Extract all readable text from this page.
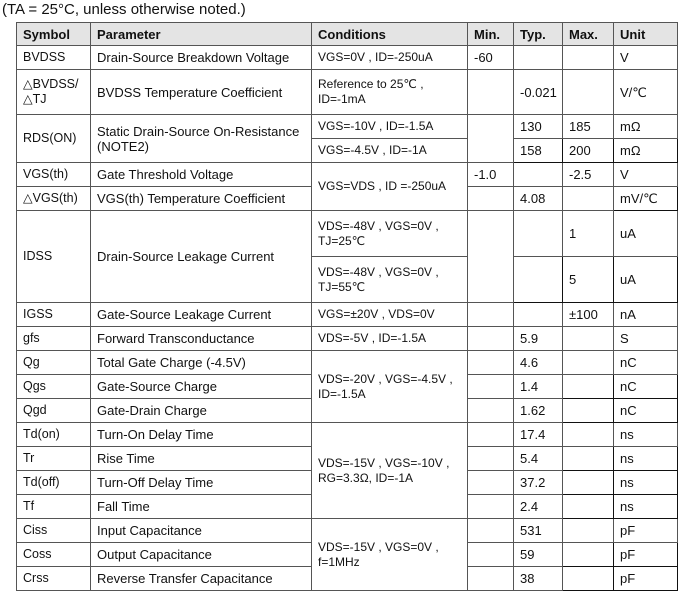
(TA = 25°C, unless otherwise noted.)
Symbol	Parameter	Conditions	Min.	Typ.	Max.	Unit
BVDSS	Drain-Source Breakdown Voltage	VGS=0V , ID=-250uA	-60			V
△BVDSS/△TJ	BVDSS Temperature Coefficient	Reference to 25℃ , ID=-1mA		-0.021		V/℃
RDS(ON)	Static Drain-Source On-Resistance (NOTE2)	VGS=-10V , ID=-1.5A		130	185	mΩ
		VGS=-4.5V , ID=-1A		158	200	mΩ
VGS(th)	Gate Threshold Voltage	VGS=VDS , ID =-250uA	-1.0		-2.5	V
△VGS(th)	VGS(th) Temperature Coefficient			4.08		mV/℃
IDSS	Drain-Source Leakage Current	VDS=-48V , VGS=0V , TJ=25℃			1	uA
		VDS=-48V , VGS=0V , TJ=55℃			5	uA
IGSS	Gate-Source Leakage Current	VGS=±20V , VDS=0V			±100	nA
gfs	Forward Transconductance	VDS=-5V , ID=-1.5A		5.9		S
Qg	Total Gate Charge (-4.5V)	VDS=-20V , VGS=-4.5V , ID=-1.5A		4.6		nC
Qgs	Gate-Source Charge			1.4		nC
Qgd	Gate-Drain Charge			1.62		nC
Td(on)	Turn-On Delay Time	VDS=-15V , VGS=-10V , RG=3.3Ω, ID=-1A		17.4		ns
Tr	Rise Time			5.4		ns
Td(off)	Turn-Off Delay Time			37.2		ns
Tf	Fall Time			2.4		ns
Ciss	Input Capacitance	VDS=-15V , VGS=0V , f=1MHz		531		pF
Coss	Output Capacitance			59		pF
Crss	Reverse Transfer Capacitance			38		pF
